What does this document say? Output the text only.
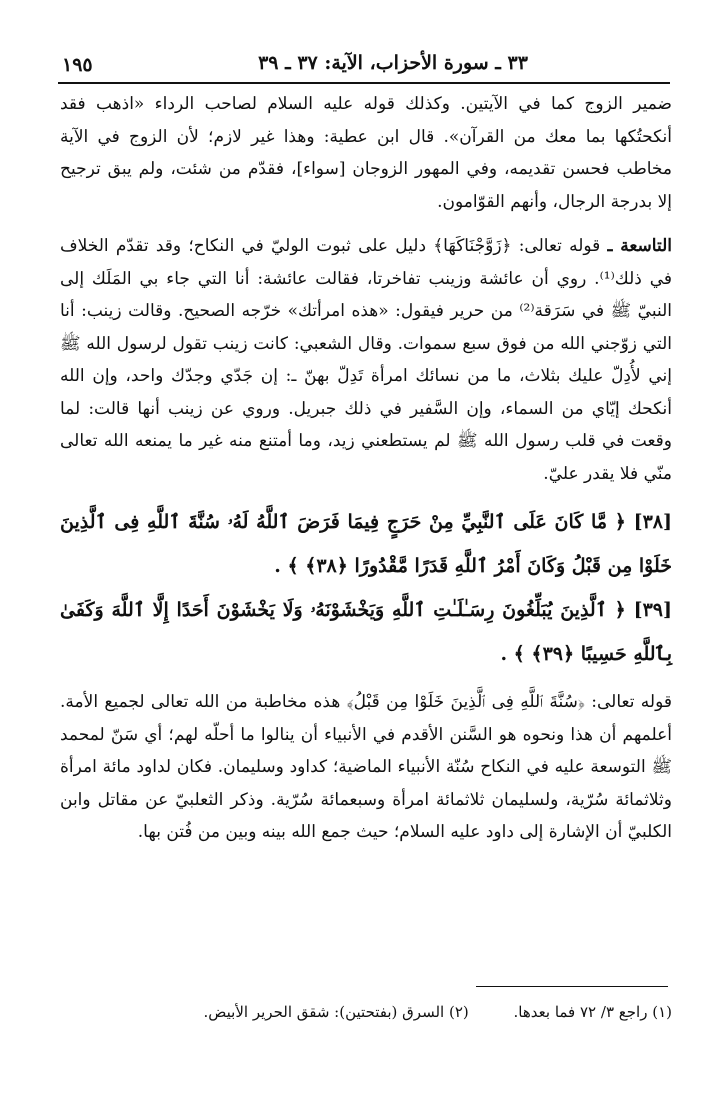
٣٣ ـ سورة الأحزاب، الآية: ٣٧ ـ ٣٩
١٩٥

ضمير الزوج كما في الآيتين. وكذلك قوله عليه السلام لصاحب الرداء «اذهب فقد أنكحتُكها بما معك من القرآن». قال ابن عطية: وهذا غير لازم؛ لأن الزوج في الآية مخاطب فحسن تقديمه، وفي المهور الزوجان [سواء]، فقدّم من شئت، ولم يبق ترجيح إلا بدرجة الرجال، وأنهم القوّامون.

التاسعة ـ قوله تعالى: ﴿زَوَّجْنَاكَهَا﴾ دليل على ثبوت الوليّ في النكاح؛ وقد تقدّم الخلاف في ذلك⁽¹⁾. روي أن عائشة وزينب تفاخرتا، فقالت عائشة: أنا التي جاء بي المَلَك إلى النبيّ ﷺ في سَرَقة⁽²⁾ من حرير فيقول: «هذه امرأتك» خرّجه الصحيح. وقالت زينب: أنا التي زوّجني الله من فوق سبع سموات. وقال الشعبي: كانت زينب تقول لرسول الله ﷺ إني لأُدِلّ عليك بثلاث، ما من نسائك امرأة تَدِلّ بهنّ ـ: إن جَدّي وجدّك واحد، وإن الله أنكحك إيّاي من السماء، وإن السَّفير في ذلك جبريل. وروي عن زينب أنها قالت: لما وقعت في قلب رسول الله ﷺ لم يستطعني زيد، وما أمتنع منه غير ما يمنعه الله تعالى منّي فلا يقدر عليّ.

[٣٨] ﴿ مَّا كَانَ عَلَى ٱلنَّبِيِّ مِنْ حَرَجٍ فِيمَا فَرَضَ ٱللَّهُ لَهُۥ سُنَّةَ ٱللَّهِ فِى ٱلَّذِينَ خَلَوْا مِن قَبْلُ وَكَانَ أَمْرُ ٱللَّهِ قَدَرًا مَّقْدُورًا ﴿٣٨﴾ ﴾ .

[٣٩] ﴿ ٱلَّذِينَ يُبَلِّغُونَ رِسَـٰلَـٰتِ ٱللَّهِ وَيَخْشَوْنَهُۥ وَلَا يَخْشَوْنَ أَحَدًا إِلَّا ٱللَّهَ وَكَفَىٰ بِٱللَّهِ حَسِيبًا ﴿٣٩﴾ ﴾ .

قوله تعالى: ﴿سُنَّةَ ٱللَّهِ فِى ٱلَّذِينَ خَلَوْا مِن قَبْلُ﴾ هذه مخاطبة من الله تعالى لجميع الأمة. أعلمهم أن هذا ونحوه هو السَّنن الأقدم في الأنبياء أن ينالوا ما أحلّه لهم؛ أي سَنّ لمحمد ﷺ التوسعة عليه في النكاح سُنّة الأنبياء الماضية؛ كداود وسليمان. فكان لداود مائة امرأة وثلاثمائة سُرّية، ولسليمان ثلاثمائة امرأة وسبعمائة سُرّية. وذكر الثعلبيّ عن مقاتل وابن الكلبيّ أن الإشارة إلى داود عليه السلام؛ حيث جمع الله بينه وبين من فُتن بها.

(١) راجع ٣/ ٧٢ فما بعدها. (٢) السرق (بفتحتين): شقق الحرير الأبيض.
